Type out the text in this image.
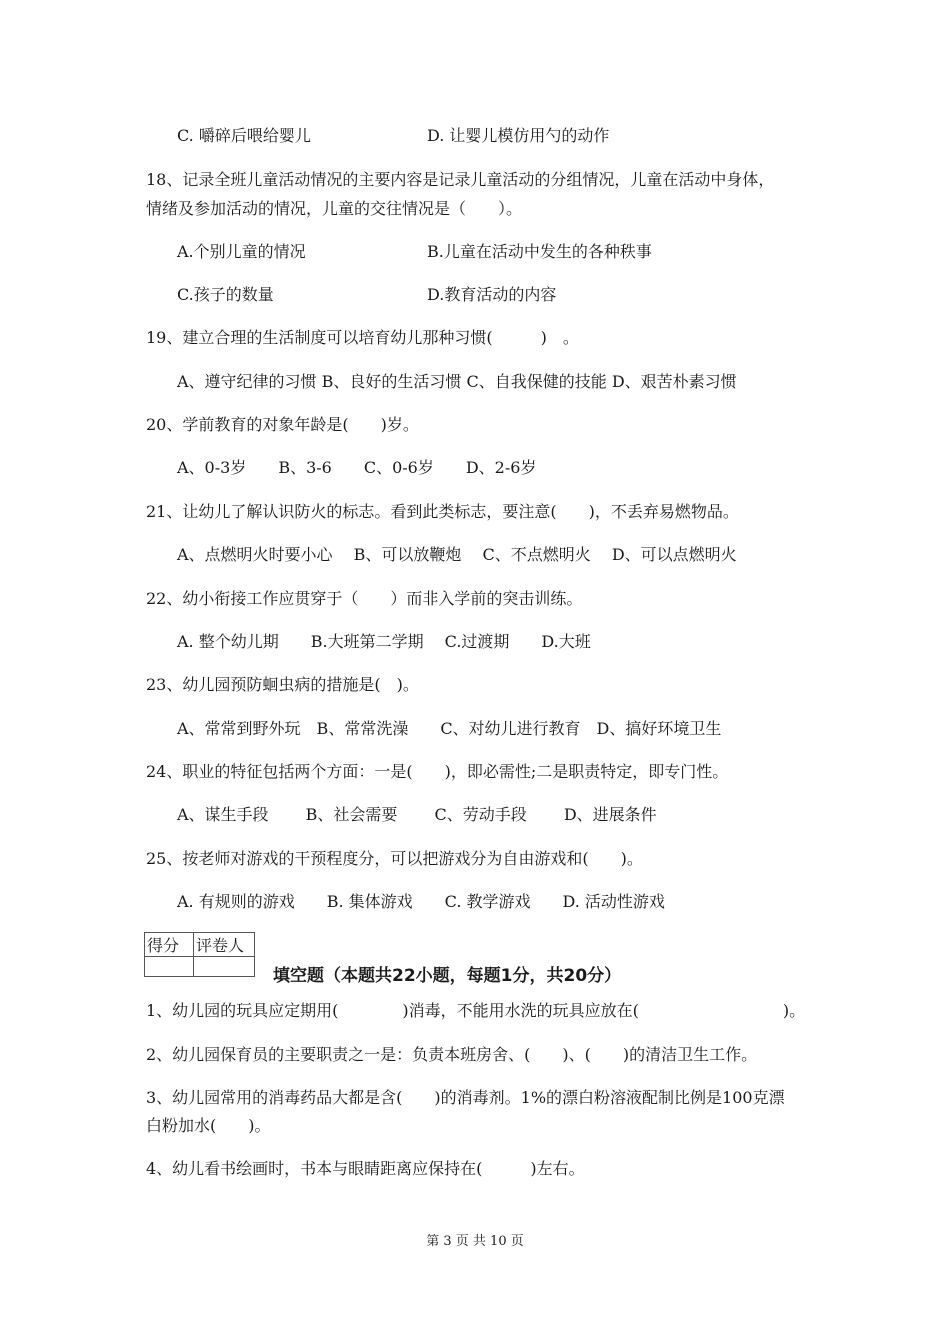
C. 嚼碎后喂给婴儿	D. 让婴儿模仿用勺的动作
18、记录全班儿童活动情况的主要内容是记录儿童活动的分组情况，儿童在活动中身体，
情绪及参加活动的情况，儿童的交往情况是（　　）。
A.个别儿童的情况	B.儿童在活动中发生的各种秩事
C.孩子的数量	D.教育活动的内容
19、建立合理的生活制度可以培育幼儿那种习惯(　　　)　。
A、遵守纪律的习惯 B、良好的生活习惯 C、自我保健的技能 D、艰苦朴素习惯
20、学前教育的对象年龄是(　　)岁。
A、0-3岁　　B、3-6　　C、0-6岁　　D、2-6岁
21、让幼儿了解认识防火的标志。看到此类标志，要注意(　　)，不丢弃易燃物品。
A、点燃明火时要小心　 B、可以放鞭炮　 C、不点燃明火　 D、可以点燃明火
22、幼小衔接工作应贯穿于（　　）而非入学前的突击训练。
A. 整个幼儿期　　B.大班第二学期　 C.过渡期　　D.大班
23、幼儿园预防蛔虫病的措施是(　)。
A、常常到野外玩　B、常常洗澡　　C、对幼儿进行教育　D、搞好环境卫生
24、职业的特征包括两个方面：一是(　　)，即必需性;二是职责特定，即专门性。
A、谋生手段　　 B、社会需要　　 C、劳动手段　　 D、进展条件
25、按老师对游戏的干预程度分，可以把游戏分为自由游戏和(　　)。
A. 有规则的游戏　　B. 集体游戏　　C. 教学游戏　　D. 活动性游戏
得分	评卷人

填空题（本题共22小题，每题1分，共20分）
1、幼儿园的玩具应定期用(　　　　)消毒，不能用水洗的玩具应放在(　　　　　　　　　)。
2、幼儿园保育员的主要职责之一是：负责本班房舍、(　　)、(　　)的清洁卫生工作。
3、幼儿园常用的消毒药品大都是含(　　)的消毒剂。1%的漂白粉溶液配制比例是100克漂
白粉加水(　　)。
4、幼儿看书绘画时，书本与眼睛距离应保持在(　　　)左右。
第 3 页 共 10 页
